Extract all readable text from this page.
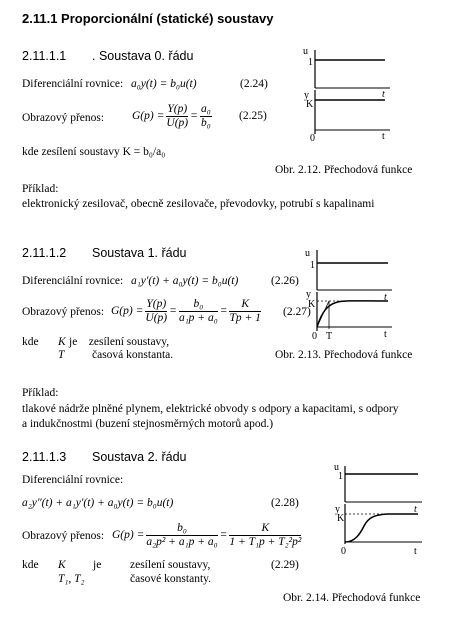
2.11.1 Proporcionální (statické) soustavy
2.11.1.1 . Soustava 0. řádu
Diferenciální rovnice: a₀y(t) = b₀u(t)	(2.24)
Obrazový přenos: $G(p) = \frac{Y(p)}{U(p)} = \frac{\text{a₀}}{\text{b₀}} (2.25)$
kde zesílení soustavy K = b₀/a₀
Obr. 2.12. Přechodová funkce
Příklad:
elektronický zesilovač, obecně zesilovače, převodovky, potrubí s kapalinami
u
1
t
y
K
0	t
2.11.1.2 Soustava 1. řádu
Diferenciální rovnice: a₁y′(t) + a₀y(t) = b₀u(t)	(2.26)
Obrazový přenos: $G(p) = \frac{Y(p)}{U(p)} = \frac{\text{b₀}}{\text{a₁p + a₀}} = \frac{K}{Tp + 1} (2.27)$
kde K je    zesílení soustavy,
T časová konstanta.	Obr. 2.13. Přechodová funkce
Příklad:
tlakové nádrže plněné plynem, elektrické obvody s odpory a kapacitami, s odpory
a indukčnostmi (buzení stejnosměrných motorů apod.)
u
1
t
y
K
0 T	t
2.11.1.3 Soustava 2. řádu
Diferenciální rovnice:
a₂y″(t) + a₁y′(t) + a₀y(t) = b₀u(t)	(2.28)
Obrazový přenos: $G(p) = \frac{\text{b₀}}{\text{a₂p² + a₁p + a₀}} = \frac{K}{\text{1 + T₁p + T₂²p²}}$
kde K je zesílení soustavy,	(2.29)
T₁, T₂	časové konstanty.
Obr. 2.14. Přechodová funkce
u
1
t
y
K
0	t
